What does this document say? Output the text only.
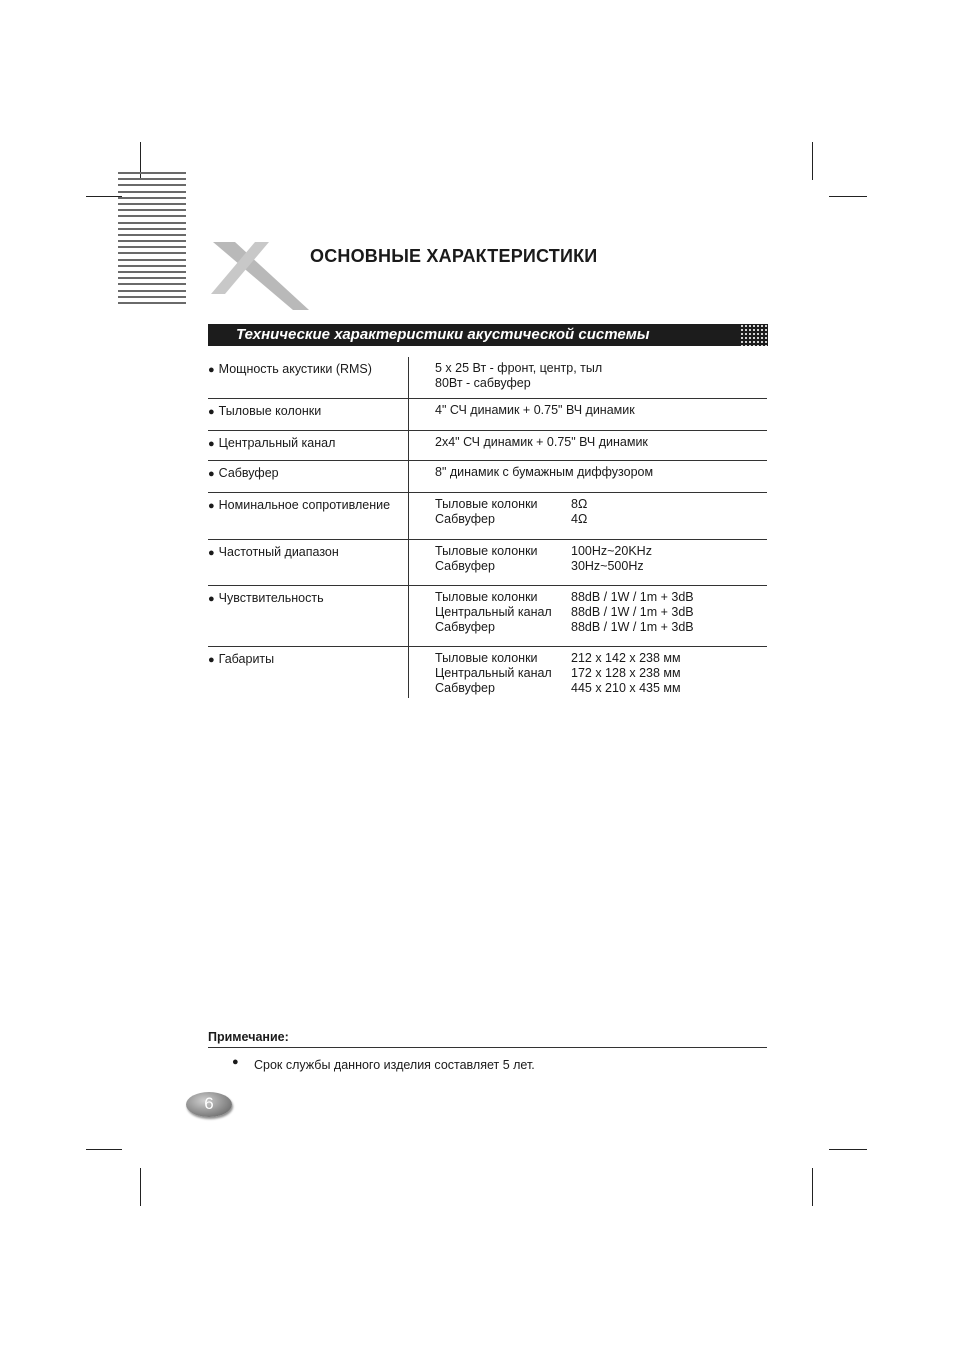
ОСНОВНЫЕ ХАРАКТЕРИСТИКИ
Технические характеристики акустической системы
● Мощность акустики (RMS)	5 x 25 Вт - фронт, центр, тыл
80Вт - сабвуфер
● Тыловые колонки	4" СЧ динамик + 0.75" ВЧ динамик
● Центральный канал	2x4" СЧ динамик + 0.75" ВЧ динамик
● Сабвуфер	8" динамик с бумажным диффузором
● Номинальное сопротивление	Тыловые колонки	8Ω
Сабвуфер	4Ω
● Частотный диапазон	Тыловые колонки	100Hz~20KHz
Сабвуфер	30Hz~500Hz
● Чувствительность	Тыловые колонки	88dB / 1W / 1m + 3dB
Центральный канал 88dB / 1W / 1m + 3dB
Сабвуфер	88dB / 1W / 1m + 3dB
● Габариты	Тыловые колонки	212 x 142 x 238 мм
Центральный канал 172 x 128 x 238 мм
Сабвуфер	445 x 210 x 435 мм
Примечание:
● Срок службы данного изделия составляет 5 лет.
6
